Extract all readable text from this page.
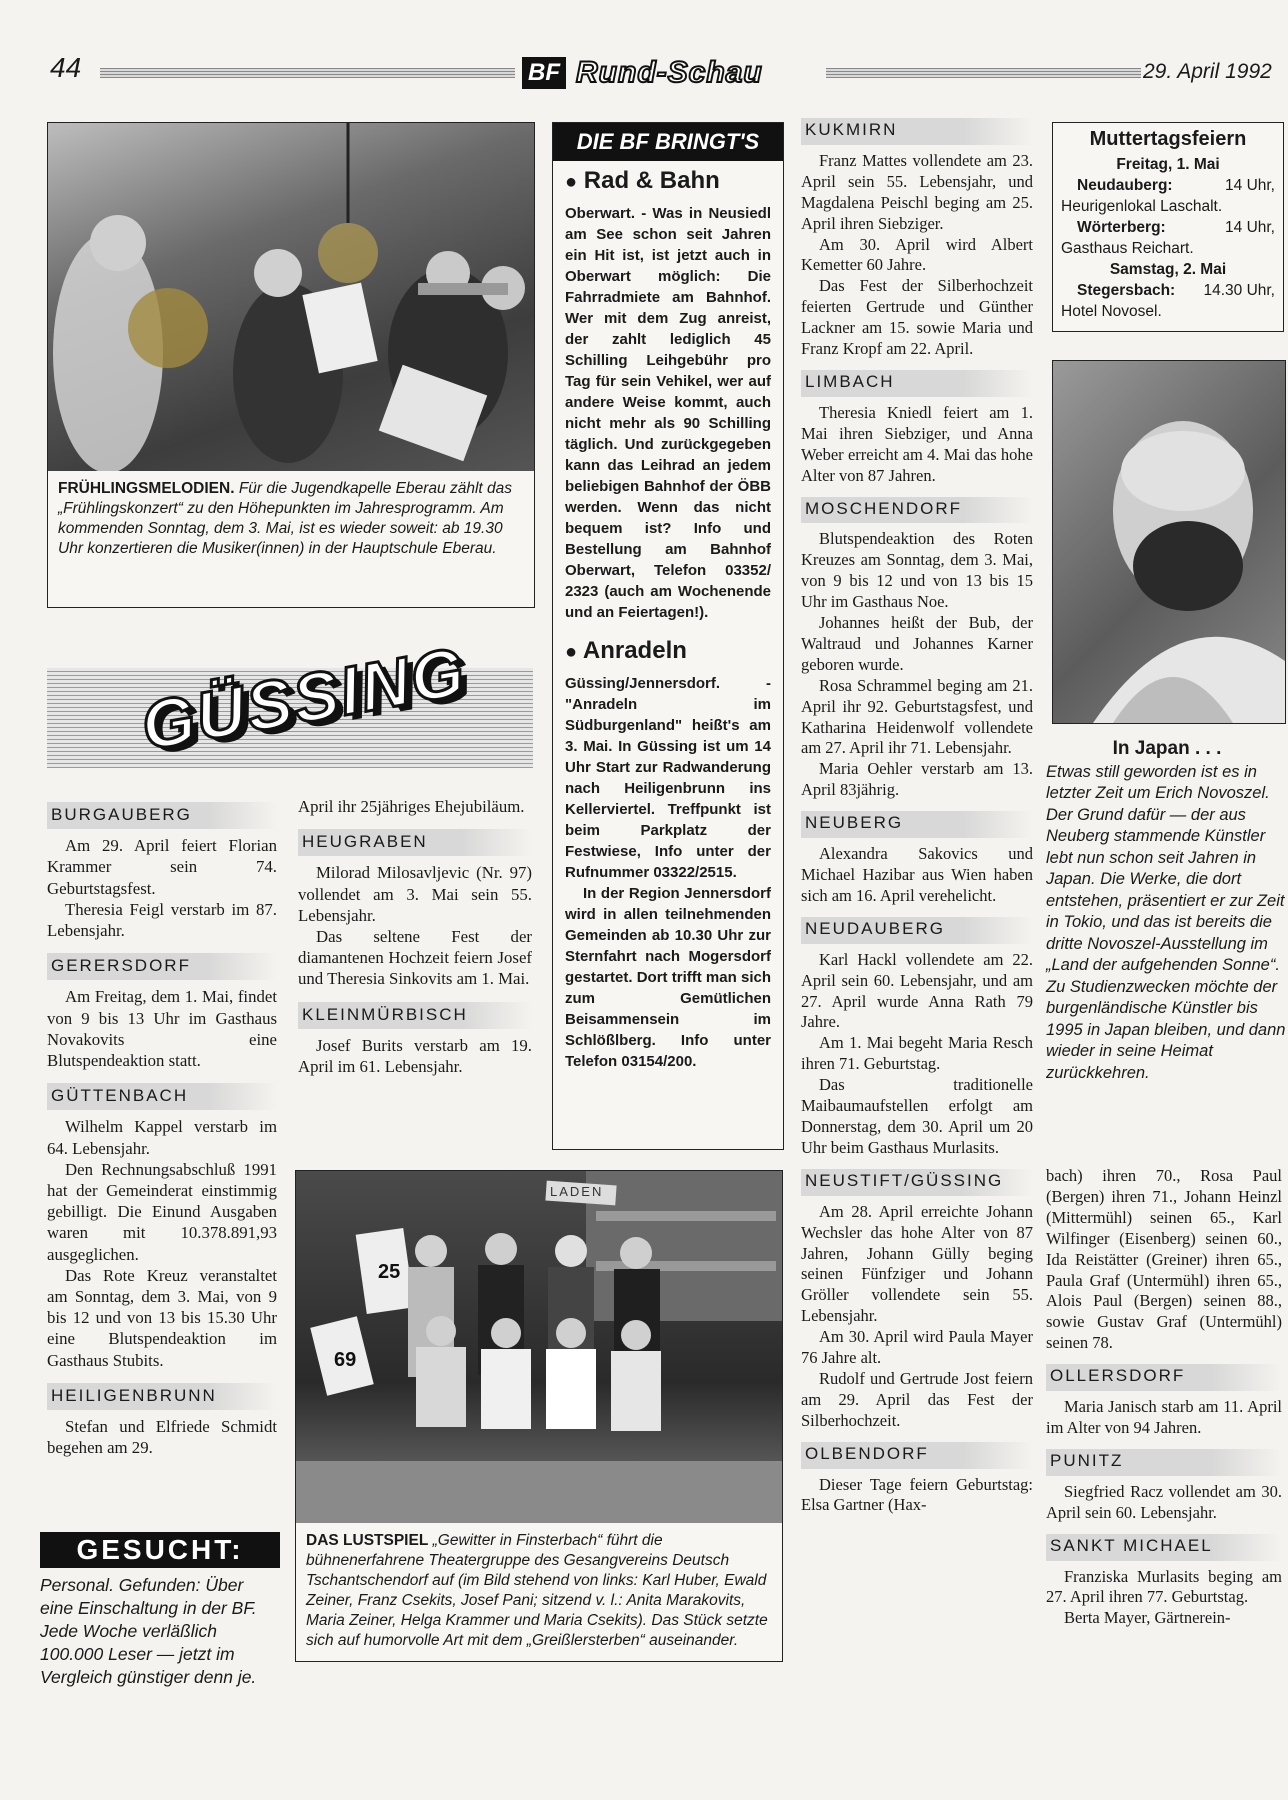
44	BF Rund-Schau	29. April 1992
FRÜHLINGSMELODIEN. Für die Jugendkapelle Eberau zählt das „Frühlingskonzert“ zu den Höhepunkten im Jahresprogramm. Am kommenden Sonntag, dem 3. Mai, ist es wieder soweit: ab 19.30 Uhr konzertieren die Musiker(innen) in der Hauptschule Eberau.
GÜSSING
BURGAUBERG

Am 29. April feiert Florian Krammer sein 74. Geburtstagsfest.

Theresia Feigl verstarb im 87. Lebensjahr.

GERERSDORF

Am Freitag, dem 1. Mai, findet von 9 bis 13 Uhr im Gasthaus Novakovits eine Blutspendeaktion statt.

GÜTTENBACH

Wilhelm Kappel verstarb im 64. Lebensjahr.

Den Rechnungsabschluß 1991 hat der Gemeinderat einstimmig gebilligt. Die Einund Ausgaben waren mit 10.378.891,93 ausgeglichen.

Das Rote Kreuz veranstaltet am Sonntag, dem 3. Mai, von 9 bis 12 und von 13 bis 15.30 Uhr eine Blutspendeaktion im Gasthaus Stubits.

HEILIGENBRUNN

Stefan und Elfriede Schmidt begehen am 29.

GESUCHT:
Personal. Gefunden: Über eine Einschaltung in der BF. Jede Woche verläßlich 100.000 Leser — jetzt im Vergleich günstiger denn je.

April ihr 25jähriges Ehejubiläum.

HEUGRABEN

Milorad Milosavljevic (Nr. 97) vollendet am 3. Mai sein 55. Lebensjahr.

Das seltene Fest der diamantenen Hochzeit feiern Josef und Theresia Sinkovits am 1. Mai.

KLEINMÜRBISCH

Josef Burits verstarb am 19. April im 61. Lebensjahr.

DIE BF BRINGT'S
● Rad & Bahn
Oberwart. - Was in Neusiedl am See schon seit Jahren ein Hit ist, ist jetzt auch in Oberwart möglich: Die Fahrradmiete am Bahnhof. Wer mit dem Zug anreist, der zahlt lediglich 45 Schilling Leihgebühr pro Tag für sein Vehikel, wer auf andere Weise kommt, auch nicht mehr als 90 Schilling täglich. Und zurückgegeben kann das Leihrad an jedem beliebigen Bahnhof der ÖBB werden. Wenn das nicht bequem ist? Info und Bestellung am Bahnhof Oberwart, Telefon 03352/ 2323 (auch am Wochenende und an Feiertagen!).
● Anradeln
Güssing/Jennersdorf. - "Anradeln im Südburgenland" heißt's am 3. Mai. In Güssing ist um 14 Uhr Start zur Radwanderung nach Heiligenbrunn ins Kellerviertel. Treffpunkt ist beim Parkplatz der Festwiese, Info unter der Rufnummer 03322/2515.
In der Region Jennersdorf wird in allen teilnehmenden Gemeinden ab 10.30 Uhr zur Sternfahrt nach Mogersdorf gestartet. Dort trifft man sich zum Gemütlichen Beisammensein im Schlößlberg. Info unter Telefon 03154/200.
LADEN
25
69
DAS LUSTSPIEL „Gewitter in Finsterbach“ führt die bühnenerfahrene Theatergruppe des Gesangvereins Deutsch Tschantschendorf auf (im Bild stehend von links: Karl Huber, Ewald Zeiner, Franz Csekits, Josef Pani; sitzend v. l.: Anita Marakovits, Maria Zeiner, Helga Krammer und Maria Csekits). Das Stück setzte sich auf humorvolle Art mit dem „Greißlersterben“ auseinander.
KUKMIRN

Franz Mattes vollendete am 23. April sein 55. Lebensjahr, und Magdalena Peischl beging am 25. April ihren Siebziger.

Am 30. April wird Albert Kemetter 60 Jahre.

Das Fest der Silberhochzeit feierten Gertrude und Günther Lackner am 15. sowie Maria und Franz Kropf am 22. April.

LIMBACH

Theresia Kniedl feiert am 1. Mai ihren Siebziger, und Anna Weber erreicht am 4. Mai das hohe Alter von 87 Jahren.

MOSCHENDORF

Blutspendeaktion des Roten Kreuzes am Sonntag, dem 3. Mai, von 9 bis 12 und von 13 bis 15 Uhr im Gasthaus Noe.

Johannes heißt der Bub, der Waltraud und Johannes Karner geboren wurde.

Rosa Schrammel beging am 21. April ihr 92. Geburtstagsfest, und Katharina Heidenwolf vollendete am 27. April ihr 71. Lebensjahr.

Maria Oehler verstarb am 13. April 83jährig.

NEUBERG

Alexandra Sakovics und Michael Hazibar aus Wien haben sich am 16. April verehelicht.

NEUDAUBERG

Karl Hackl vollendete am 22. April sein 60. Lebensjahr, und am 27. April wurde Anna Rath 79 Jahre.

Am 1. Mai begeht Maria Resch ihren 71. Geburtstag.

Das traditionelle Maibaumaufstellen erfolgt am Donnerstag, dem 30. April um 20 Uhr beim Gasthaus Murlasits.

NEUSTIFT/GÜSSING

Am 28. April erreichte Johann Wechsler das hohe Alter von 87 Jahren, Johann Güllу beging seinen Fünfziger und Johann Gröller vollendete sein 55. Lebensjahr.

Am 30. April wird Paula Mayer 76 Jahre alt.

Rudolf und Gertrude Jost feiern am 29. April das Fest der Silberhochzeit.

OLBENDORF

Dieser Tage feiern Geburtstag: Elsa Gartner (Hax-

Muttertagsfeiern
Freitag, 1. Mai
Neudauberg:	14 Uhr,
Heurigenlokal Laschalt.
Wörterberg:	14 Uhr,
Gasthaus Reichart.
Samstag, 2. Mai
Stegersbach: 14.30 Uhr,
Hotel Novosel.
In Japan . . .
Etwas still geworden ist es in letzter Zeit um Erich Novoszel. Der Grund dafür — der aus Neuberg stammende Künstler lebt nun schon seit Jahren in Japan. Die Werke, die dort entstehen, präsentiert er zur Zeit in Tokio, und das ist bereits die dritte Novoszel-Ausstellung im „Land der aufgehenden Sonne“. Zu Studienzwecken möchte der burgenländische Künstler bis 1995 in Japan bleiben, und dann wieder in seine Heimat zurückkehren.

bach) ihren 70., Rosa Paul (Bergen) ihren 71., Johann Heinzl (Mittermühl) seinen 65., Karl Wilfinger (Eisenberg) seinen 60., Ida Reistätter (Greiner) ihren 65., Paula Graf (Untermühl) ihren 65., Alois Paul (Bergen) seinen 88., sowie Gustav Graf (Untermühl) seinen 78.

OLLERSDORF

Maria Janisch starb am 11. April im Alter von 94 Jahren.

PUNITZ

Siegfried Racz vollendet am 30. April sein 60. Lebensjahr.

SANKT MICHAEL

Franziska Murlasits beging am 27. April ihren 77. Geburtstag.

Berta Mayer, Gärtnerein-
